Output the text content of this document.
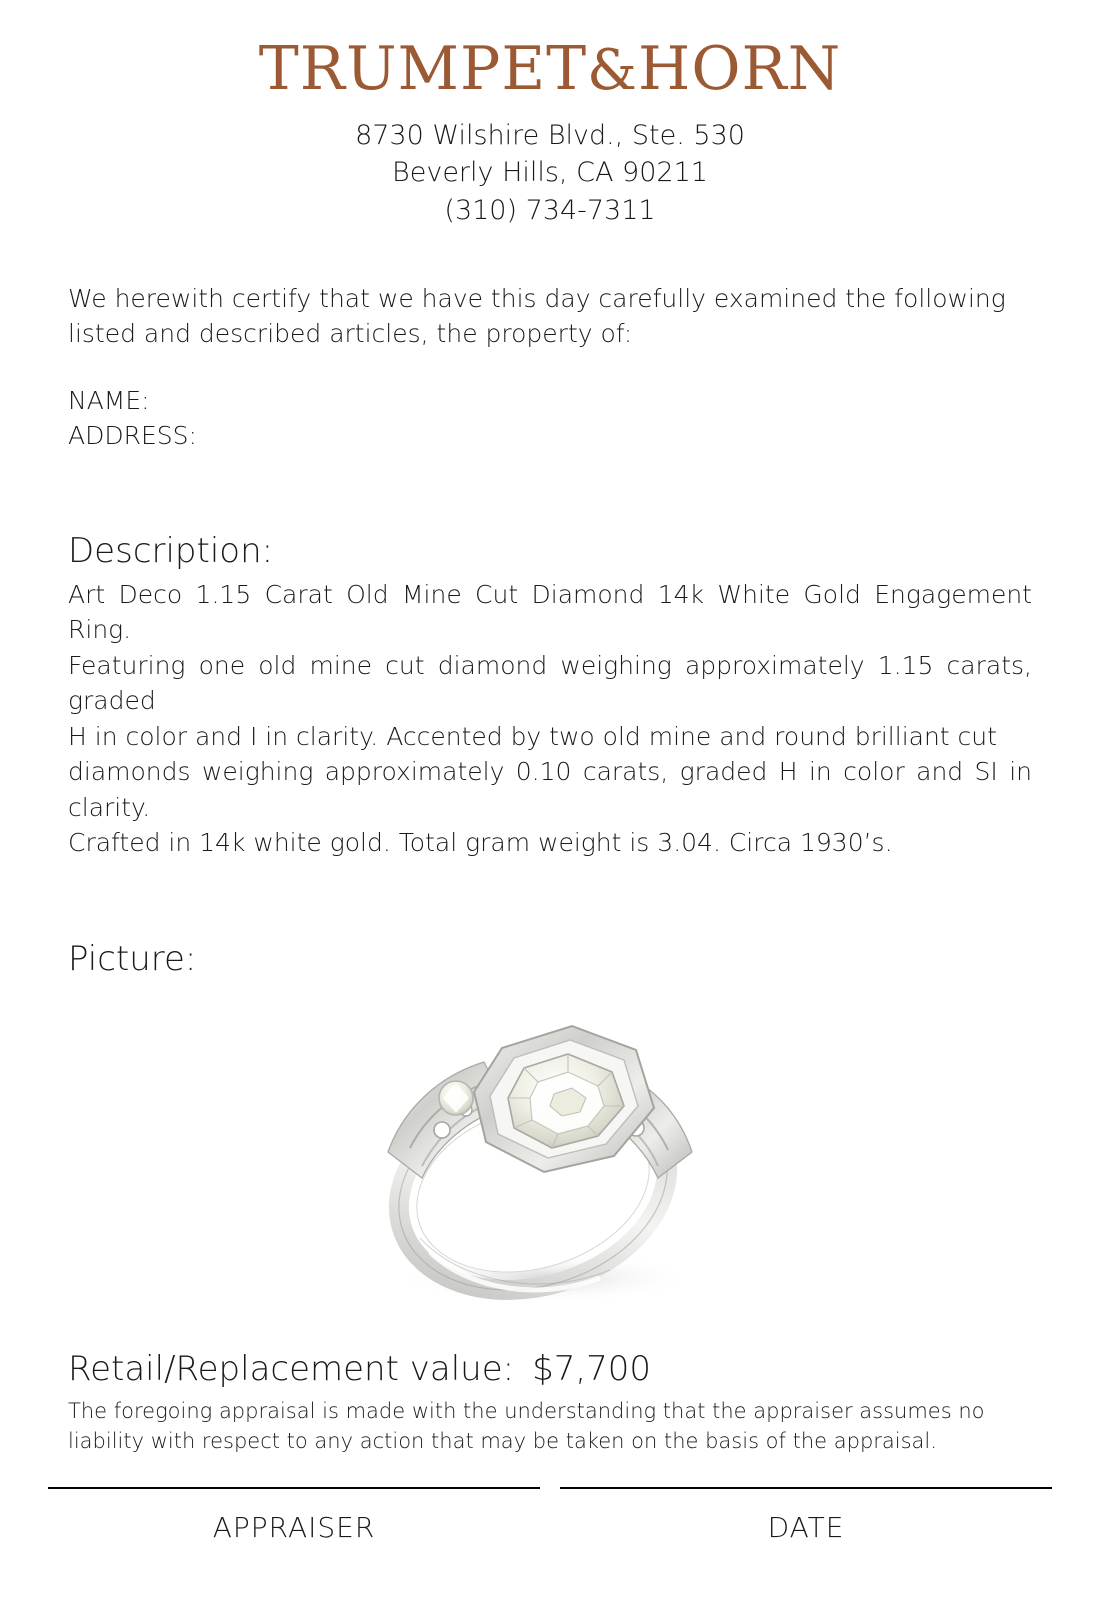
TRUMPET&HORN
8730 Wilshire Blvd., Ste. 530
Beverly Hills, CA 90211
(310) 734-7311
We herewith certify that we have this day carefully examined the following
listed and described articles, the property of:
NAME:
ADDRESS:
Description:
Art Deco 1.15 Carat Old Mine Cut Diamond 14k White Gold Engagement Ring.
Featuring one old mine cut diamond weighing approximately 1.15 carats, graded
H in color and I in clarity. Accented by two old mine and round brilliant cut
diamonds weighing approximately 0.10 carats, graded H in color and SI in clarity.
Crafted in 14k white gold. Total gram weight is 3.04. Circa 1930’s.
Picture:
Retail/Replacement value: $7,700
The foregoing appraisal is made with the understanding that the appraiser assumes no
liability with respect to any action that may be taken on the basis of the appraisal.
APPRAISER	DATE
